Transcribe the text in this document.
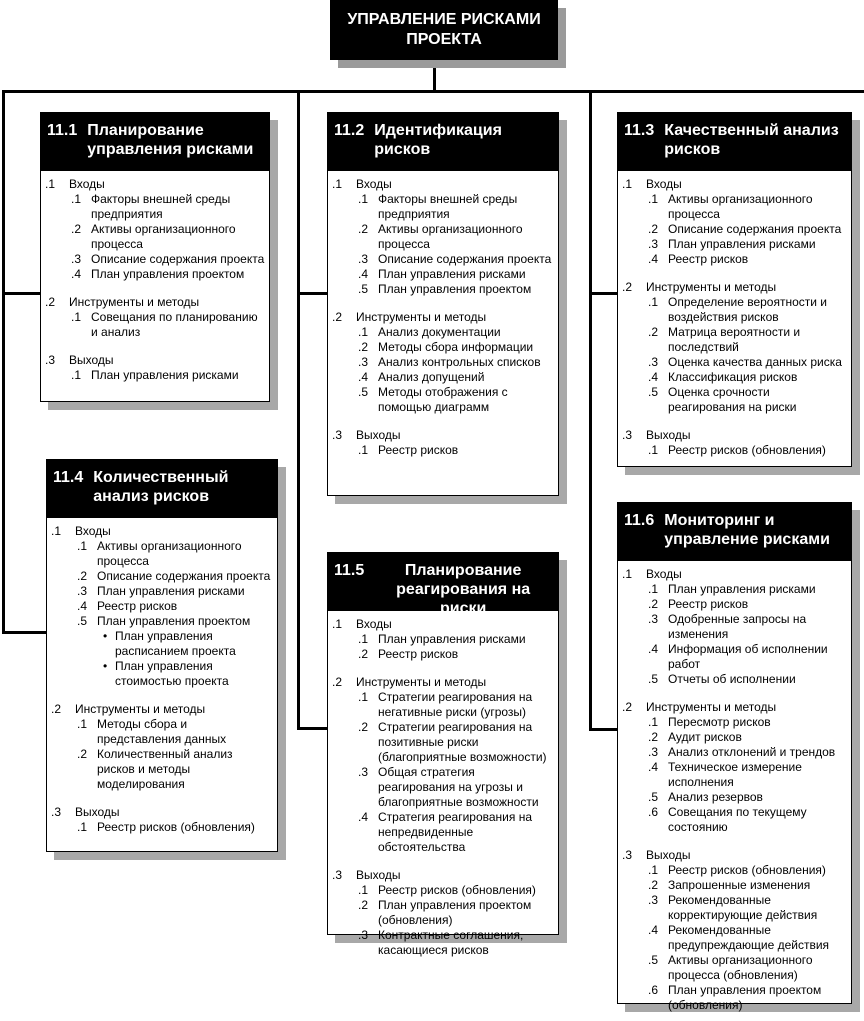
УПРАВЛЕНИЕ РИСКАМИ
ПРОЕКТА
11.1 Планирование управления рисками
.1	Входы
.1 Факторы внешней среды предприятия
.2 Активы организационного процесса
.3 Описание содержания проекта
.4 План управления проектом
.2	Инструменты и методы
.1 Совещания по планированию и анализ
.3	Выходы
.1 План управления рисками
11.2 Идентификация рисков
.1	Входы
.1 Факторы внешней среды предприятия
.2 Активы организационного процесса
.3 Описание содержания проекта
.4 План управления рисками
.5 План управления проектом
.2	Инструменты и методы
.1 Анализ документации
.2 Методы сбора информации
.3 Анализ контрольных списков
.4 Анализ допущений
.5 Методы отображения с помощью диаграмм
.3	Выходы
.1 Реестр рисков
11.3 Качественный анализ рисков
.1	Входы
.1 Активы организационного процесса
.2 Описание содержания проекта
.3 План управления рисками
.4 Реестр рисков
.2	Инструменты и методы
.1 Определение вероятности и воздействия рисков
.2 Матрица вероятности и последствий
.3 Оценка качества данных риска
.4 Классификация рисков
.5 Оценка срочности реагирования на риски
.3	Выходы
.1 Реестр рисков (обновления)
11.4 Количественный анализ рисков
.1	Входы
.1 Активы организационного процесса
.2 Описание содержания проекта
.3 План управления рисками
.4 Реестр рисков
.5 План управления проектом
• План управления расписанием проекта
• План управления стоимостью проекта
.2	Инструменты и методы
.1 Методы сбора и представления данных
.2 Количественный анализ рисков и методы моделирования
.3	Выходы
.1 Реестр рисков (обновления)
11.5	Планирование реагирования на риски
.1	Входы
.1 План управления рисками
.2 Реестр рисков
.2	Инструменты и методы
.1 Стратегии реагирования на негативные риски (угрозы)
.2 Стратегии реагирования на позитивные риски (благоприятные возможности)
.3 Общая стратегия реагирования на угрозы и благоприятные возможности
.4 Стратегия реагирования на непредвиденные обстоятельства
.3	Выходы
.1 Реестр рисков (обновления)
.2 План управления проектом (обновления)
.3 Контрактные соглашения, касающиеся рисков
11.6 Мониторинг и управление рисками
.1	Входы
.1 План управления рисками
.2 Реестр рисков
.3 Одобренные запросы на изменения
.4 Информация об исполнении работ
.5 Отчеты об исполнении
.2	Инструменты и методы
.1 Пересмотр рисков
.2 Аудит рисков
.3 Анализ отклонений и трендов
.4 Техническое измерение исполнения
.5 Анализ резервов
.6 Совещания по текущему состоянию
.3	Выходы
.1 Реестр рисков (обновления)
.2 Запрошенные изменения
.3 Рекомендованные корректирующие действия
.4 Рекомендованные предупреждающие действия
.5 Активы организационного процесса (обновления)
.6 План управления проектом (обновления)
